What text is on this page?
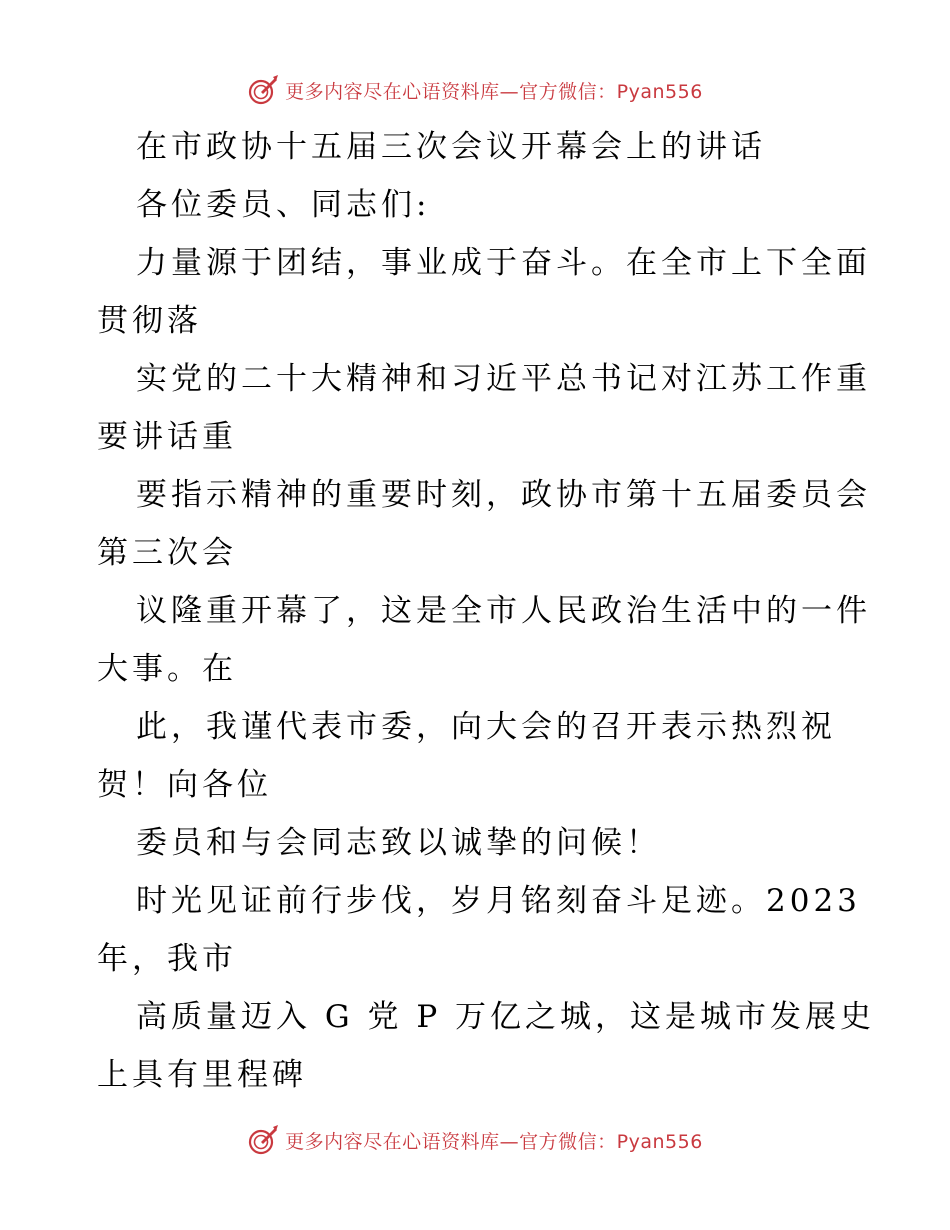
更多内容尽在心语资料库—官方微信：Pyan556
在市政协十五届三次会议开幕会上的讲话
各位委员、同志们:
力量源于团结，事业成于奋斗。在全市上下全面
贯彻落
实党的二十大精神和习近平总书记对江苏工作重
要讲话重
要指示精神的重要时刻，政协市第十五届委员会
第三次会
议隆重开幕了，这是全市人民政治生活中的一件
大事。在
此，我谨代表市委，向大会的召开表示热烈祝
贺！向各位
委员和与会同志致以诚挚的问候！
时光见证前行步伐，岁月铭刻奋斗足迹。2023
年，我市
高质量迈入 G 党 P 万亿之城，这是城市发展史
上具有里程碑
更多内容尽在心语资料库—官方微信：Pyan556
